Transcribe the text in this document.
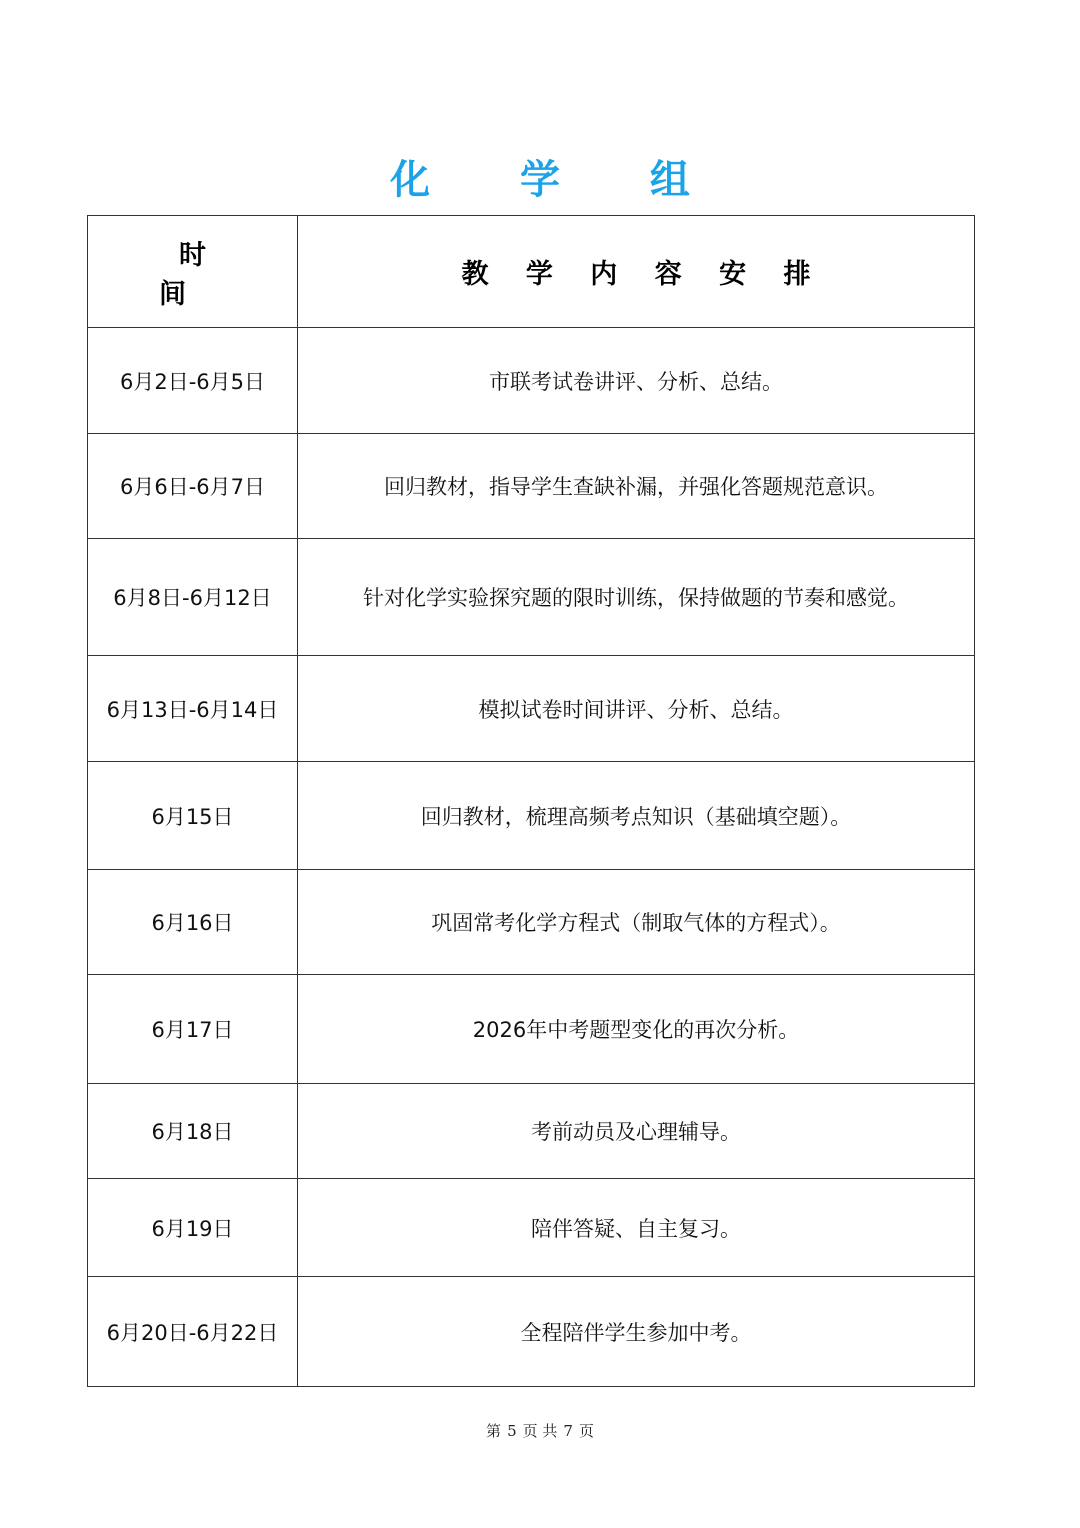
化 学 组
时 间	教 学 内 容 安 排
6月2日-6月5日	市联考试卷讲评、分析、总结。
6月6日-6月7日	回归教材，指导学生查缺补漏，并强化答题规范意识。
6月8日-6月12日	针对化学实验探究题的限时训练，保持做题的节奏和感觉。
6月13日-6月14日	模拟试卷时间讲评、分析、总结。
6月15日	回归教材，梳理高频考点知识（基础填空题）。
6月16日	巩固常考化学方程式（制取气体的方程式）。
6月17日	2026年中考题型变化的再次分析。
6月18日	考前动员及心理辅导。
6月19日	陪伴答疑、自主复习。
6月20日-6月22日	全程陪伴学生参加中考。
第 5 页 共 7 页
